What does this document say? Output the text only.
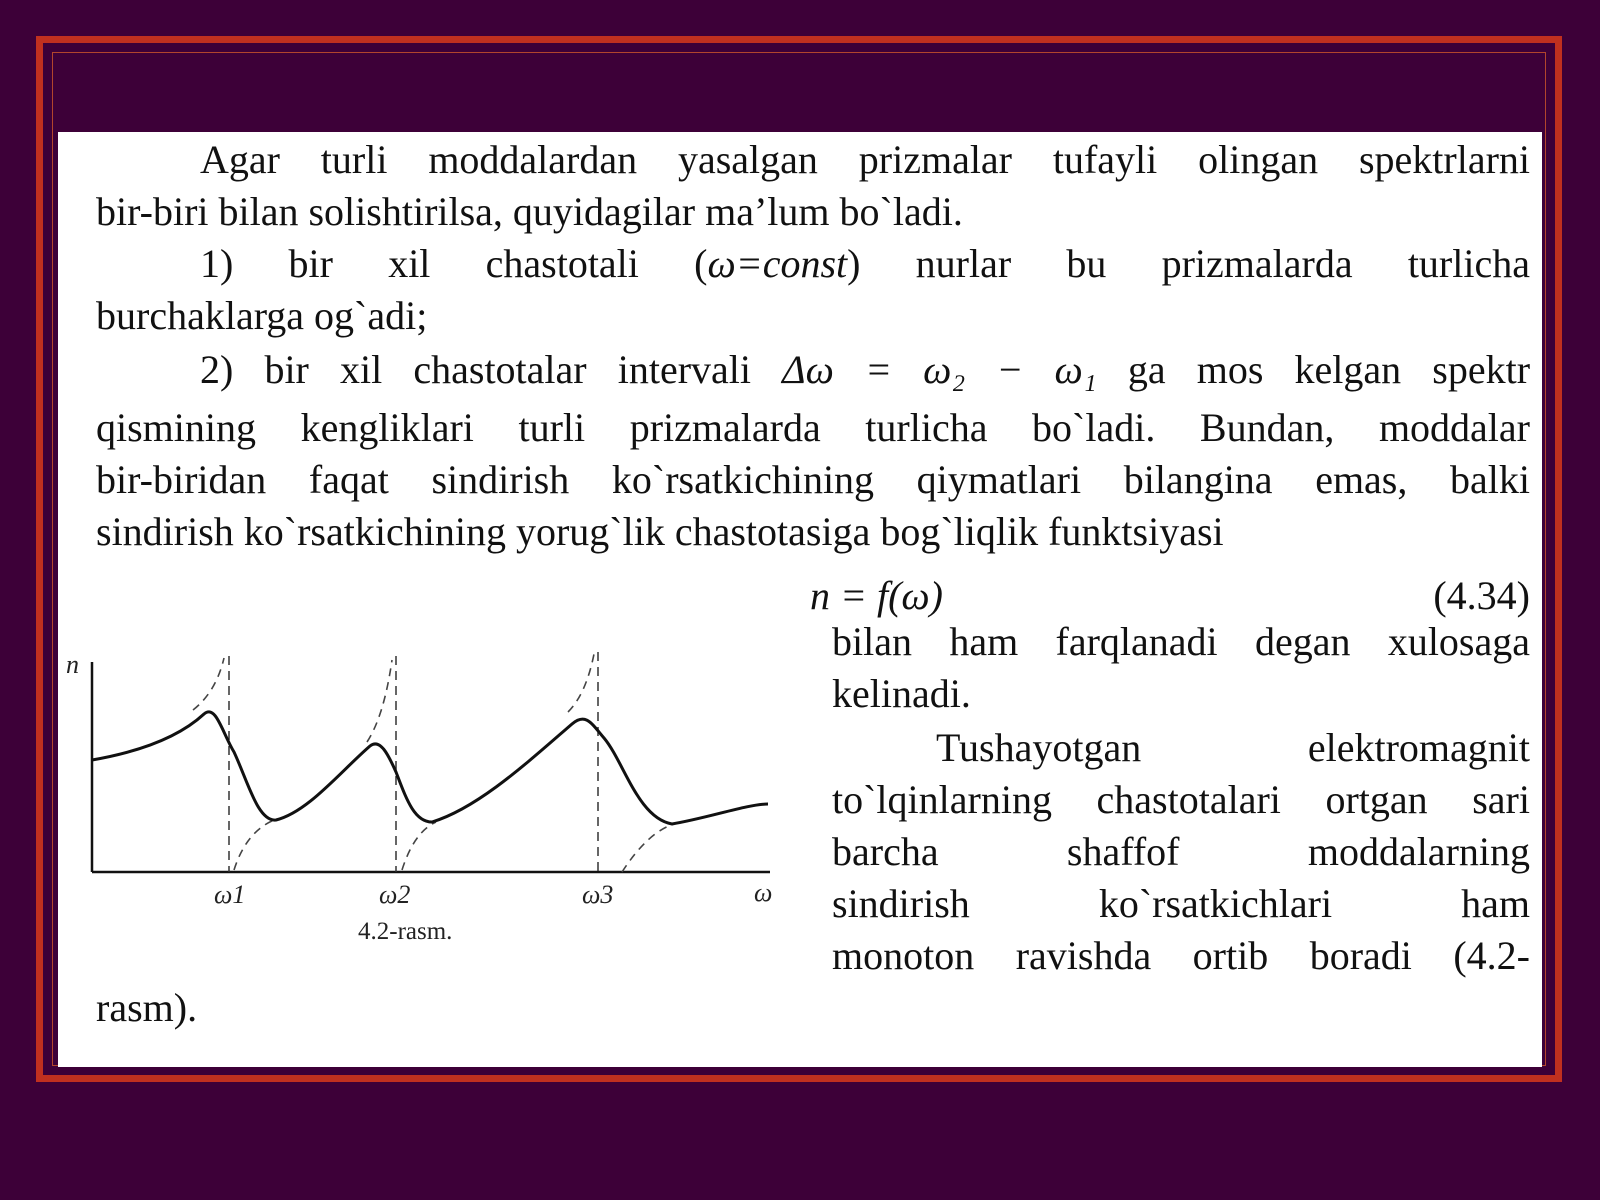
Agar turli moddalardan yasalgan prizmalar tufayli olingan spektrlarni
bir-biri bilan solishtirilsa, quyidagilar ma’lum bo`ladi.
1) bir xil chastotali (ω=const) nurlar bu prizmalarda turlicha
burchaklarga og`adi;
2) bir xil chastotalar intervali Δω = ω₂ − ω₁ ga mos kelgan spektr
qismining kengliklari turli prizmalarda turlicha bo`ladi. Bundan, moddalar
bir-biridan faqat sindirish ko`rsatkichining qiymatlari bilangina emas, balki
sindirish ko`rsatkichining yorug`lik chastotasiga bog`liqlik funktsiyasi
n = f(ω)	(4.34)
bilan ham farqlanadi degan xulosaga
kelinadi.
Tushayotgan elektromagnit
to`lqinlarning chastotalari ortgan sari
barcha shaffof moddalarning
sindirish ko`rsatkichlari ham
monoton ravishda ortib boradi (4.2-
rasm).
n
ω
ω1	ω2	ω3
4.2-rasm.
